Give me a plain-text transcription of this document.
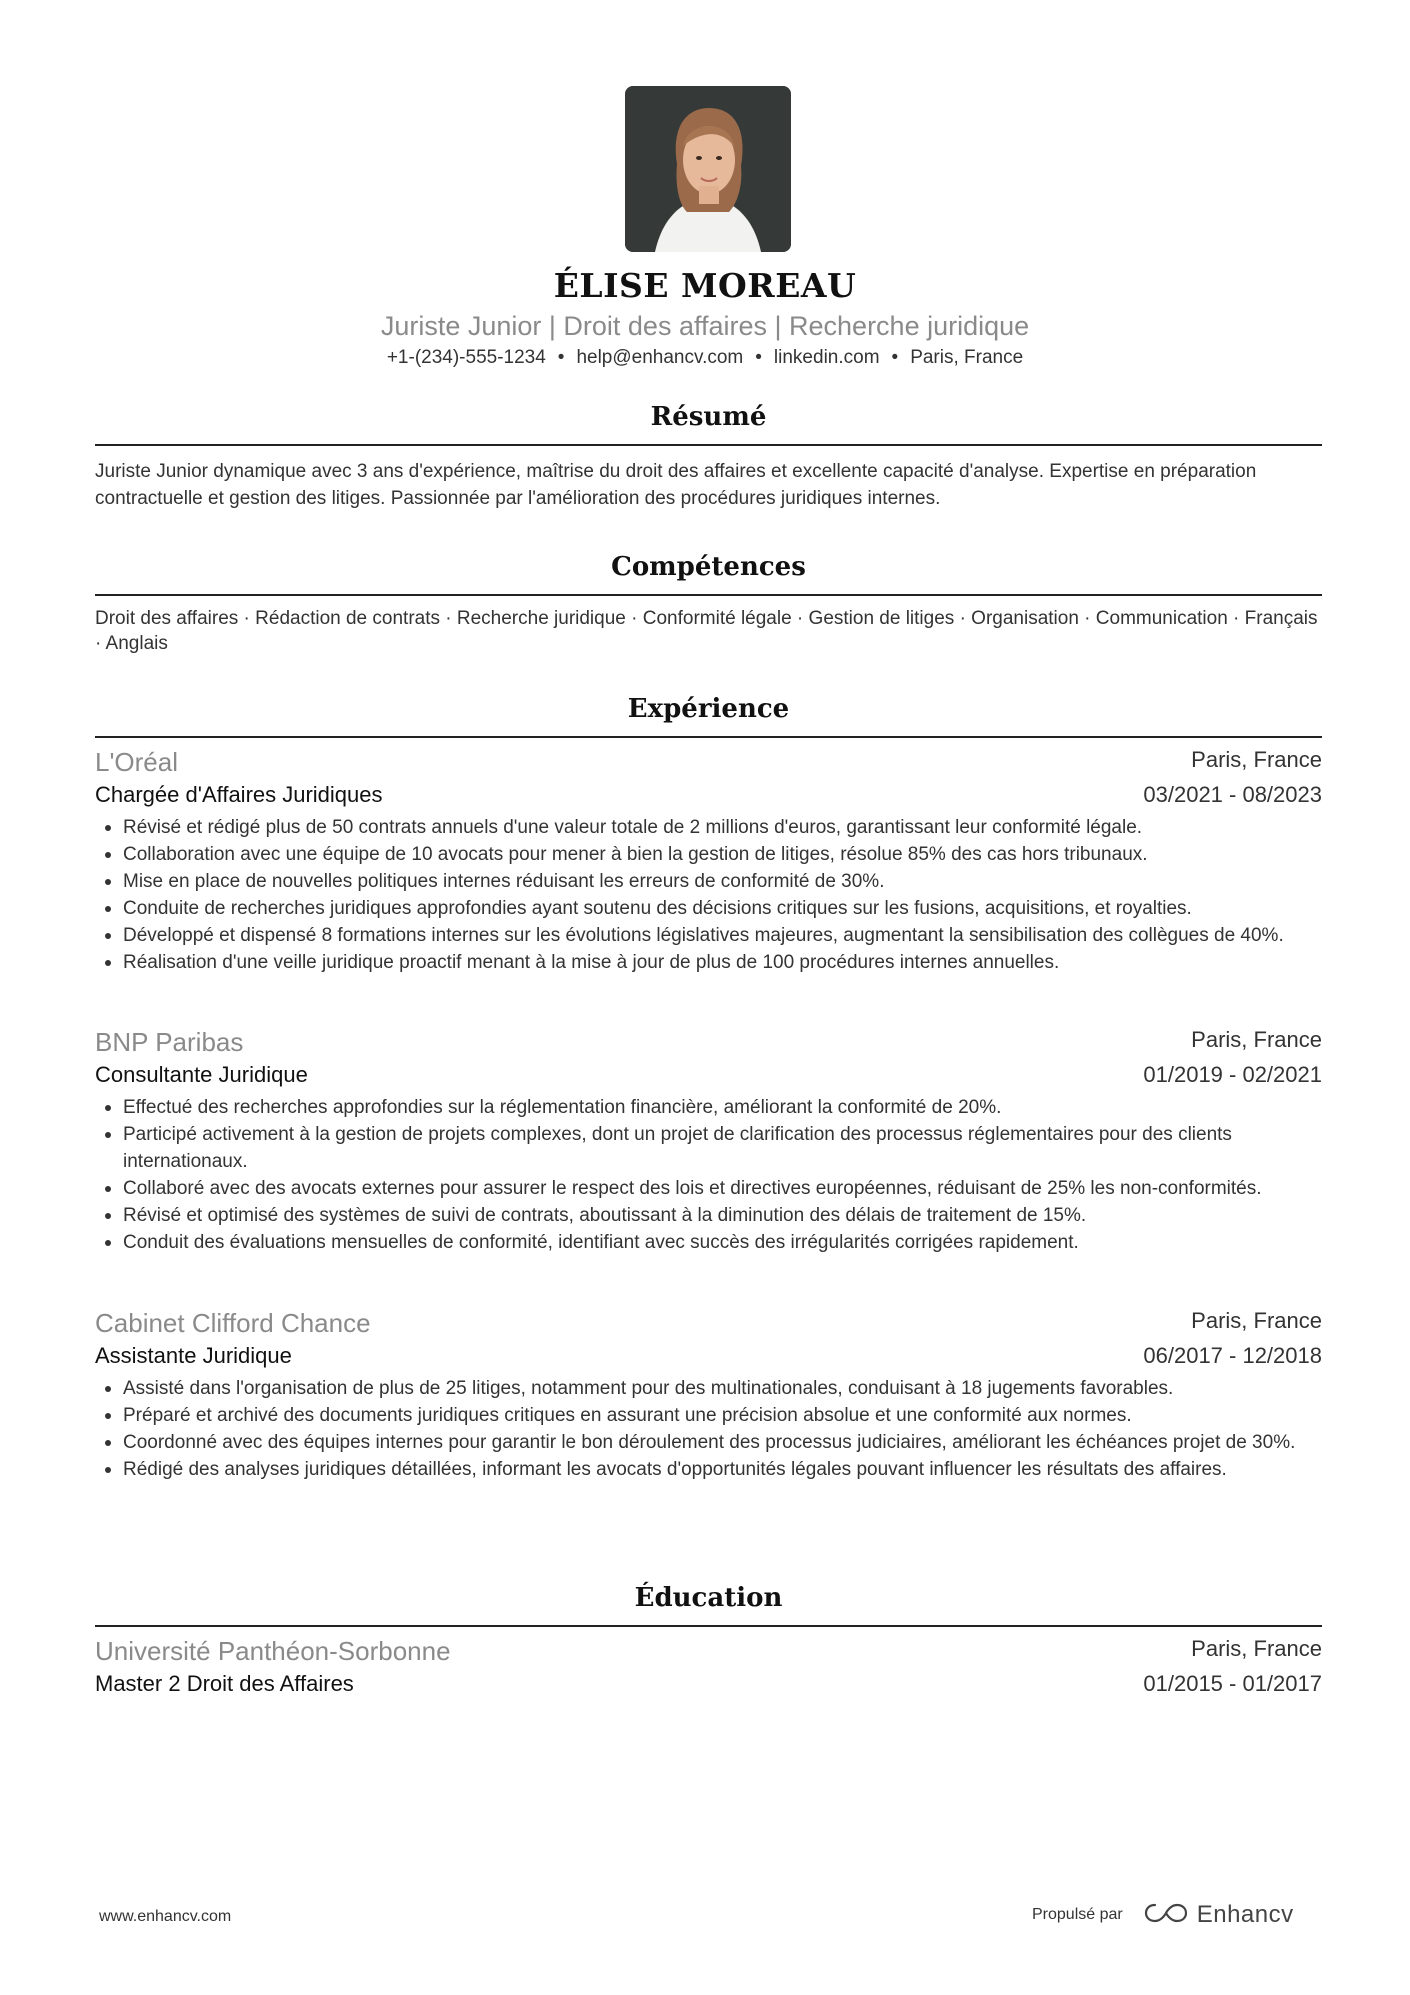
ÉLISE MOREAU
Juriste Junior | Droit des affaires | Recherche juridique
+1-(234)-555-1234 • help@enhancv.com • linkedin.com • Paris, France
Résumé
Juriste Junior dynamique avec 3 ans d'expérience, maîtrise du droit des affaires et excellente capacité d'analyse. Expertise en préparation contractuelle et gestion des litiges. Passionnée par l'amélioration des procédures juridiques internes.
Compétences
Droit des affaires · Rédaction de contrats · Recherche juridique · Conformité légale · Gestion de litiges · Organisation · Communication · Français · Anglais
Expérience
L'Oréal	Paris, France
Chargée d'Affaires Juridiques	03/2021 - 08/2023
Révisé et rédigé plus de 50 contrats annuels d'une valeur totale de 2 millions d'euros, garantissant leur conformité légale.
Collaboration avec une équipe de 10 avocats pour mener à bien la gestion de litiges, résolue 85% des cas hors tribunaux.
Mise en place de nouvelles politiques internes réduisant les erreurs de conformité de 30%.
Conduite de recherches juridiques approfondies ayant soutenu des décisions critiques sur les fusions, acquisitions, et royalties.
Développé et dispensé 8 formations internes sur les évolutions législatives majeures, augmentant la sensibilisation des collègues de 40%.
Réalisation d'une veille juridique proactif menant à la mise à jour de plus de 100 procédures internes annuelles.
BNP Paribas	Paris, France
Consultante Juridique	01/2019 - 02/2021
Effectué des recherches approfondies sur la réglementation financière, améliorant la conformité de 20%.
Participé activement à la gestion de projets complexes, dont un projet de clarification des processus réglementaires pour des clients internationaux.
Collaboré avec des avocats externes pour assurer le respect des lois et directives européennes, réduisant de 25% les non-conformités.
Révisé et optimisé des systèmes de suivi de contrats, aboutissant à la diminution des délais de traitement de 15%.
Conduit des évaluations mensuelles de conformité, identifiant avec succès des irrégularités corrigées rapidement.
Cabinet Clifford Chance	Paris, France
Assistante Juridique	06/2017 - 12/2018
Assisté dans l'organisation de plus de 25 litiges, notamment pour des multinationales, conduisant à 18 jugements favorables.
Préparé et archivé des documents juridiques critiques en assurant une précision absolue et une conformité aux normes.
Coordonné avec des équipes internes pour garantir le bon déroulement des processus judiciaires, améliorant les échéances projet de 30%.
Rédigé des analyses juridiques détaillées, informant les avocats d'opportunités légales pouvant influencer les résultats des affaires.
Éducation
Université Panthéon-Sorbonne	Paris, France
Master 2 Droit des Affaires	01/2015 - 01/2017
www.enhancv.com	Propulsé par	Enhancv
